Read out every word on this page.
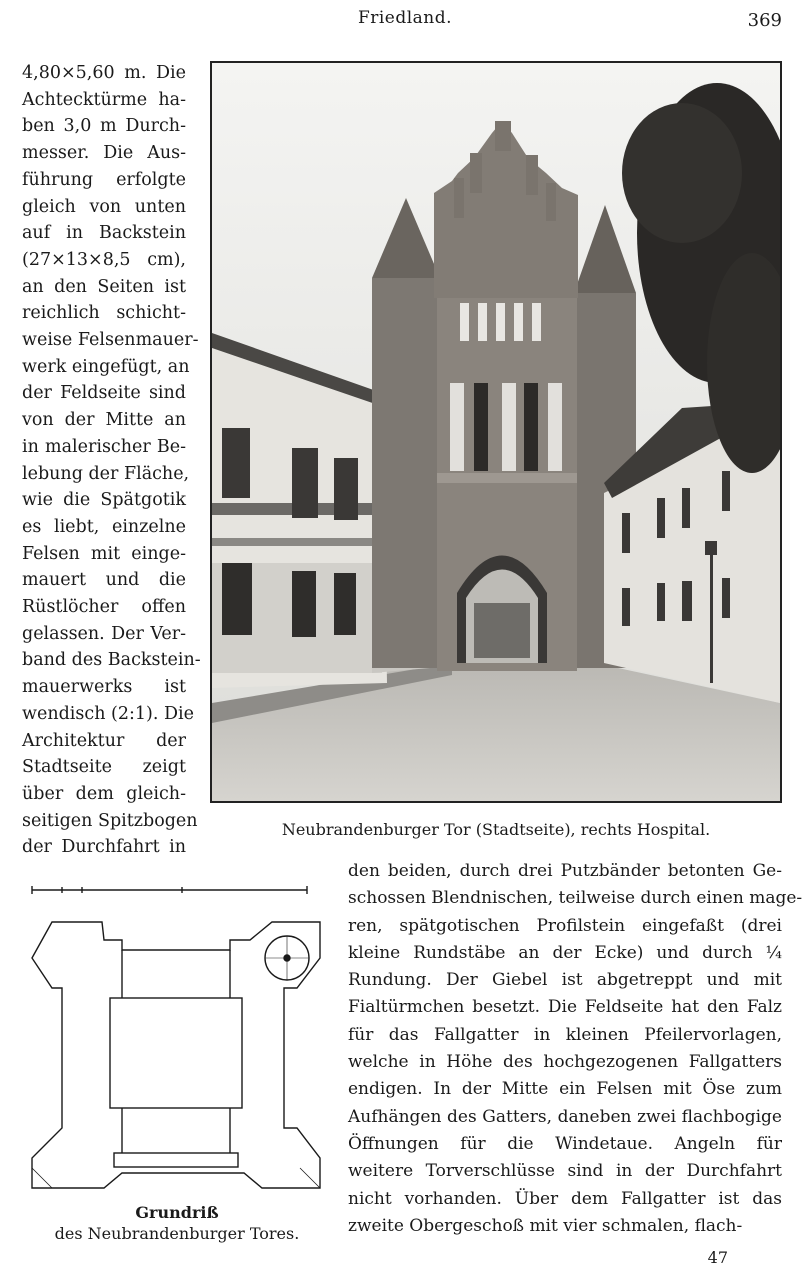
Friedland.	369
4,80×5,60 m. Die
Achtecktürme ha-
ben 3,0 m Durch-
messer. Die Aus-
führung erfolgte
gleich von unten
auf in Backstein
(27×13×8,5 cm),
an den Seiten ist
reichlich schicht-
weise Felsenmauer-
werk eingefügt, an
der Feldseite sind
von der Mitte an
in malerischer Be-
lebung der Fläche,
wie die Spätgotik
es liebt, einzelne
Felsen mit einge-
mauert und die
Rüstlöcher offen
gelassen. Der Ver-
band des Backstein-
mauerwerks ist
wendisch (2:1). Die
Architektur der
Stadtseite zeigt
über dem gleich-
seitigen Spitzbogen
der Durchfahrt in
Neubrandenburger Tor (Stadtseite), rechts Hospital.
Grundriß
des Neubrandenburger Tores.
den beiden, durch drei Putzbänder betonten Ge-
schossen Blendnischen, teilweise durch einen mage-
ren, spätgotischen Profilstein eingefaßt (drei
kleine Rundstäbe an der Ecke) und durch ¼
Rundung. Der Giebel ist abgetreppt und mit
Fialtürmchen besetzt. Die Feldseite hat den Falz
für das Fallgatter in kleinen Pfeilervorlagen,
welche in Höhe des hochgezogenen Fallgatters
endigen. In der Mitte ein Felsen mit Öse zum
Aufhängen des Gatters, daneben zwei flachbogige
Öffnungen für die Windetaue. Angeln für
weitere Torverschlüsse sind in der Durchfahrt
nicht vorhanden. Über dem Fallgatter ist das
zweite Obergeschoß mit vier schmalen, flach-
47
